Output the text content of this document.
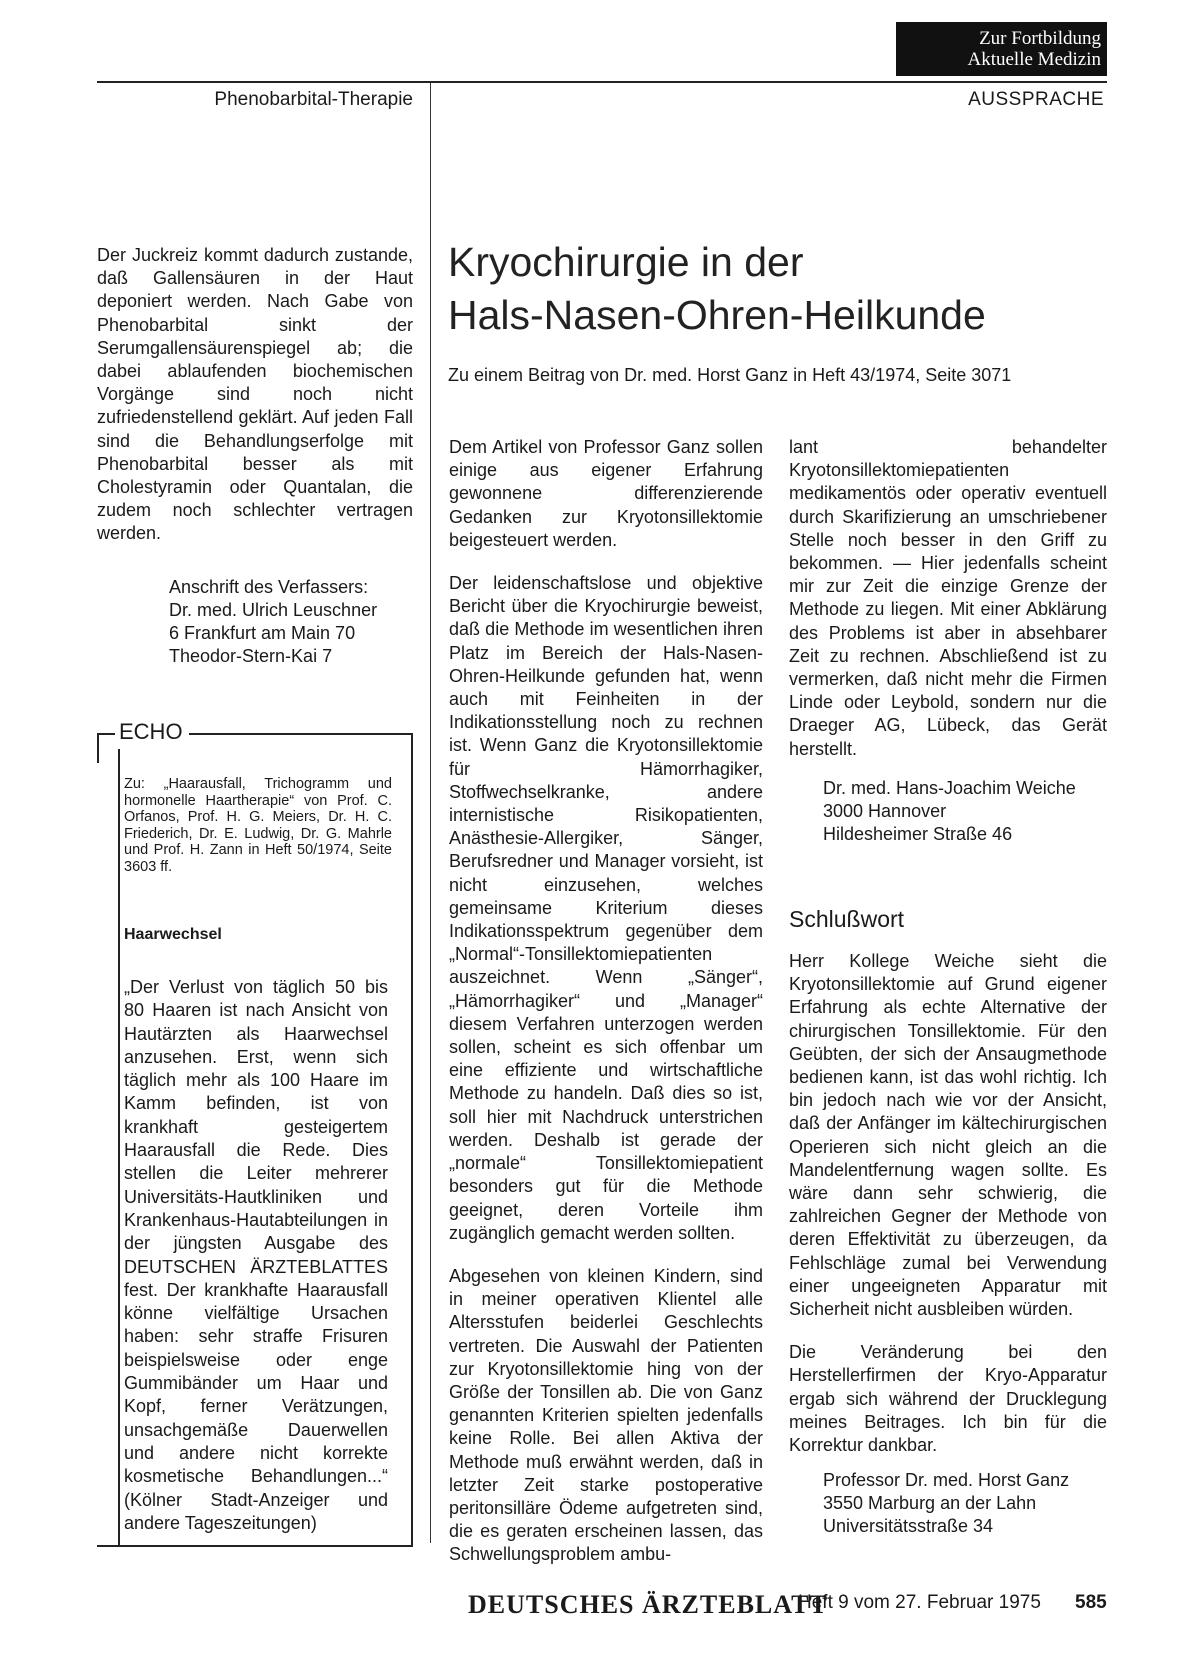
Zur Fortbildung
Aktuelle Medizin
Phenobarbital-Therapie	AUSSPRACHE

Der Juckreiz kommt dadurch zustande, daß Gallensäuren in der Haut deponiert werden. Nach Gabe von Phenobarbital sinkt der Serumgallensäurenspiegel ab; die dabei ablaufenden biochemischen Vorgänge sind noch nicht zufriedenstellend geklärt. Auf jeden Fall sind die Behandlungserfolge mit Phenobarbital besser als mit Cholestyramin oder Quantalan, die zudem noch schlechter vertragen werden.

Anschrift des Verfassers:
Dr. med. Ulrich Leuschner
6 Frankfurt am Main 70
Theodor-Stern-Kai 7
ECHO
Zu: „Haarausfall, Trichogramm und hormonelle Haartherapie“ von Prof. C. Orfanos, Prof. H. G. Meiers, Dr. H. C. Friederich, Dr. E. Ludwig, Dr. G. Mahrle und Prof. H. Zann in Heft 50/1974, Seite 3603 ff.
Haarwechsel
„Der Verlust von täglich 50 bis 80 Haaren ist nach Ansicht von Hautärzten als Haarwechsel anzusehen. Erst, wenn sich täglich mehr als 100 Haare im Kamm befinden, ist von krankhaft gesteigertem Haarausfall die Rede. Dies stellen die Leiter mehrerer Universitäts-Hautkliniken und Krankenhaus-Hautabteilungen in der jüngsten Ausgabe des DEUTSCHEN ÄRZTEBLATTES fest. Der krankhafte Haarausfall könne vielfältige Ursachen haben: sehr straffe Frisuren beispielsweise oder enge Gummibänder um Haar und Kopf, ferner Verätzungen, unsachgemäße Dauerwellen und andere nicht korrekte kosmetische Behandlungen...“ (Kölner Stadt-Anzeiger und andere Tageszeitungen)
Kryochirurgie in der
Hals-Nasen-Ohren-Heilkunde
Zu einem Beitrag von Dr. med. Horst Ganz in Heft 43/1974, Seite 3071

Dem Artikel von Professor Ganz sollen einige aus eigener Erfahrung gewonnene differenzierende Gedanken zur Kryotonsillektomie beigesteuert werden.

Der leidenschaftslose und objektive Bericht über die Kryochirurgie beweist, daß die Methode im wesentlichen ihren Platz im Bereich der Hals-Nasen-Ohren-Heilkunde gefunden hat, wenn auch mit Feinheiten in der Indikationsstellung noch zu rechnen ist. Wenn Ganz die Kryotonsillektomie für Hämorrhagiker, Stoffwechselkranke, andere internistische Risikopatienten, Anästhesie-Allergiker, Sänger, Berufsredner und Manager vorsieht, ist nicht einzusehen, welches gemeinsame Kriterium dieses Indikationsspektrum gegenüber dem „Normal“-Tonsillektomiepatienten auszeichnet. Wenn „Sänger“, „Hämorrhagiker“ und „Manager“ diesem Verfahren unterzogen werden sollen, scheint es sich offenbar um eine effiziente und wirtschaftliche Methode zu handeln. Daß dies so ist, soll hier mit Nachdruck unterstrichen werden. Deshalb ist gerade der „normale“ Tonsillektomiepatient besonders gut für die Methode geeignet, deren Vorteile ihm zugänglich gemacht werden sollten.

Abgesehen von kleinen Kindern, sind in meiner operativen Klientel alle Altersstufen beiderlei Geschlechts vertreten. Die Auswahl der Patienten zur Kryotonsillektomie hing von der Größe der Tonsillen ab. Die von Ganz genannten Kriterien spielten jedenfalls keine Rolle. Bei allen Aktiva der Methode muß erwähnt werden, daß in letzter Zeit starke postoperative peritonsilläre Ödeme aufgetreten sind, die es geraten erscheinen lassen, das Schwellungsproblem ambu-

lant behandelter Kryotonsillektomiepatienten medikamentös oder operativ eventuell durch Skarifizierung an umschriebener Stelle noch besser in den Griff zu bekommen. — Hier jedenfalls scheint mir zur Zeit die einzige Grenze der Methode zu liegen. Mit einer Abklärung des Problems ist aber in absehbarer Zeit zu rechnen. Abschließend ist zu vermerken, daß nicht mehr die Firmen Linde oder Leybold, sondern nur die Draeger AG, Lübeck, das Gerät herstellt.

Dr. med. Hans-Joachim Weiche
3000 Hannover
Hildesheimer Straße 46
Schlußwort

Herr Kollege Weiche sieht die Kryotonsillektomie auf Grund eigener Erfahrung als echte Alternative der chirurgischen Tonsillektomie. Für den Geübten, der sich der Ansaugmethode bedienen kann, ist das wohl richtig. Ich bin jedoch nach wie vor der Ansicht, daß der Anfänger im kältechirurgischen Operieren sich nicht gleich an die Mandelentfernung wagen sollte. Es wäre dann sehr schwierig, die zahlreichen Gegner der Methode von deren Effektivität zu überzeugen, da Fehlschläge zumal bei Verwendung einer ungeeigneten Apparatur mit Sicherheit nicht ausbleiben würden.

Die Veränderung bei den Herstellerfirmen der Kryo-Apparatur ergab sich während der Drucklegung meines Beitrages. Ich bin für die Korrektur dankbar.

Professor Dr. med. Horst Ganz
3550 Marburg an der Lahn
Universitätsstraße 34
DEUTSCHES ÄRZTEBLATT
Heft 9 vom 27. Februar 1975 585
